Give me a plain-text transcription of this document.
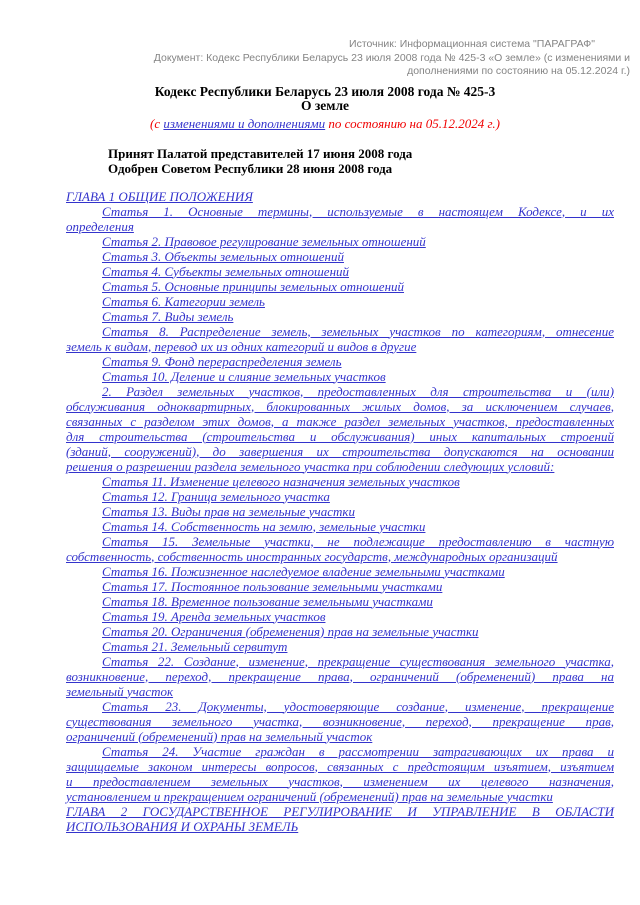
Источник: Информационная система "ПАРАГРАФ"
Документ: Кодекс Республики Беларусь 23 июля 2008 года № 425-3 «О земле» (с изменениями и
дополнениями по состоянию на 05.12.2024 г.)
Кодекс Республики Беларусь 23 июля 2008 года № 425-3
О земле
(с изменениями и дополнениями по состоянию на 05.12.2024 г.)
Принят Палатой представителей 17 июня 2008 года
Одобрен Советом Республики 28 июня 2008 года
ГЛАВА 1 ОБЩИЕ ПОЛОЖЕНИЯ
Статья 1. Основные термины, используемые в настоящем Кодексе, и их
определения
Статья 2. Правовое регулирование земельных отношений
Статья 3. Объекты земельных отношений
Статья 4. Субъекты земельных отношений
Статья 5. Основные принципы земельных отношений
Статья 6. Категории земель
Статья 7. Виды земель
Статья 8. Распределение земель, земельных участков по категориям, отнесение
земель к видам, перевод их из одних категорий и видов в другие
Статья 9. Фонд перераспределения земель
Статья 10. Деление и слияние земельных участков
2. Раздел земельных участков, предоставленных для строительства и (или)
обслуживания одноквартирных, блокированных жилых домов, за исключением случаев,
связанных с разделом этих домов, а также раздел земельных участков, предоставленных
для строительства (строительства и обслуживания) иных капитальных строений
(зданий, сооружений), до завершения их строительства допускаются на основании
решения о разрешении раздела земельного участка при соблюдении следующих условий:
Статья 11. Изменение целевого назначения земельных участков
Статья 12. Граница земельного участка
Статья 13. Виды прав на земельные участки
Статья 14. Собственность на землю, земельные участки
Статья 15. Земельные участки, не подлежащие предоставлению в частную
собственность, собственность иностранных государств, международных организаций
Статья 16. Пожизненное наследуемое владение земельными участками
Статья 17. Постоянное пользование земельными участками
Статья 18. Временное пользование земельными участками
Статья 19. Аренда земельных участков
Статья 20. Ограничения (обременения) прав на земельные участки
Статья 21. Земельный сервитут
Статья 22. Создание, изменение, прекращение существования земельного участка,
возникновение, переход, прекращение права, ограничений (обременений) права на
земельный участок
Статья 23. Документы, удостоверяющие создание, изменение, прекращение
существования земельного участка, возникновение, переход, прекращение прав,
ограничений (обременений) прав на земельный участок
Статья 24. Участие граждан в рассмотрении затрагивающих их права и
защищаемые законом интересы вопросов, связанных с предстоящим изъятием, изъятием
и предоставлением земельных участков, изменением их целевого назначения,
установлением и прекращением ограничений (обременений) прав на земельные участки
ГЛАВА 2 ГОСУДАРСТВЕННОЕ РЕГУЛИРОВАНИЕ И УПРАВЛЕНИЕ В ОБЛАСТИ
ИСПОЛЬЗОВАНИЯ И ОХРАНЫ ЗЕМЕЛЬ
